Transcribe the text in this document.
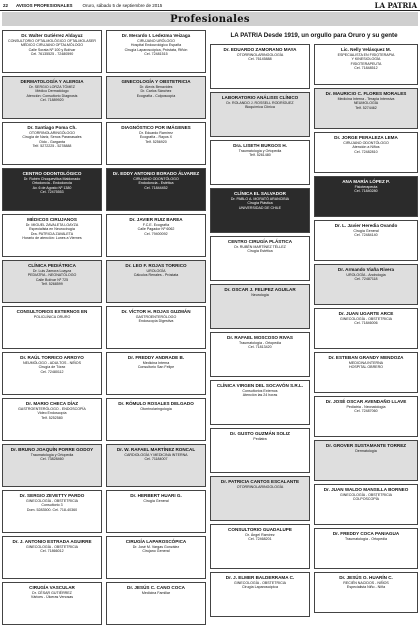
22 AVISOS PROFESIONALES Oruro, sábado 5 de septiembre de 2015	LA PATRIA
Profesionales
Dr. Walter Gutiérrez Aldayuz
CONSULTORIO OFTALMOLÓGICO OFTALMOLASER
MÉDICO CIRUJANO OFTALMÓLOGO
Calle Sorata Nº 100 y Bolívar
Cel. 76135525 - 72480590
DERMATOLOGÍA Y ALERGIA
Dr. SERGIO LORZA TÓMEZ
Médico Dermatólogo
Atención: Consultorio Diagnosis
Cel. 71889920
Dr. Santiago Poma Ch.
OTORRINOLARINGÓLOGO
Cirugía de Nariz, Senos Paranasales
Oído - Garganta
Telf. 5272225 - 5278888
CENTRO ODONTOLÓGICO
Dr. Rubén Choquevillca Maldonado
Ortodoncia - Endodoncia
Av. 6 de Agosto Nº 1380
Cel. 72475553
MÉDICOS CIRUJANOS
Dr. MIGUEL ZAVALETA LOAYZA
Especialista en Neurocirugía
Dra. PATRICIA ZAVALETA
Horario de atención: Lunes a Viernes
CLÍNICA PEDIÁTRICA
Dr. Luis Zamora Loayza
PEDIATRA - NEONATÓLOGO
Calle Bolívar Nº 725
Telf. 5268599
CONSULTORIOS EXTERNOS EN
POLICLÍNICA ORURO
Dr. RAÚL TORRICO ARROYO
NEUMÓLOGO - ADULTOS - NIÑOS
Cirugía de Tórax
Cel. 72480112
Dr. MARIO CHECA DÍAZ
GASTROENTERÓLOGO - ENDOSCOPÍA
Video Endoscopía
Telf. 5252580
Dr. BRUNO JOAQUÍN PORRE GODOY
Traumatología y Ortopedia
Cel. 73828460
Dr. SERGIO ZEVETTY PARDO
GINECOLOGÍA - OBSTETRICIA
Consultorio 3
Dom. 5283500. Cel. 718-40360
Dr. J. ANTONIO ESTRADA AGUIRRE
GINECOLOGÍA - OBSTETRICIA
Cel. 71866012
CIRUGÍA VASCULAR
Dr. CÉSAR GUTIÉRREZ
Várices - Úlceras Venosas
Dr. Merardo I. Ledezma Veizaga
CIRUJANO URÓLOGO
Hospital Endourológico España
Cirugía Laparoscópica, Próstata, Riñón
Cel. 72481515
GINECOLOGÍA Y OBSTETRICIA
Dr. Alexis Benavides
Dr. Carlos Sánchez
Ecografía - Colposcopía
DIAGNÓSTICO POR IMÁGENES
Dr. Eduardo Ramírez
Ecografía - Rayos X
Telf. 5256920
Dr. EDDY ANTONIO BORADO ÁLVAREZ
CIRUJANO ODONTÓLOGO
Endodoncia - Estética
Cel. 71844452
Dr. JAVIER RUIZ BAREA
F.C.E. Ecografía
Calle Pagador Nº 6062
Cel. 79400092
Dr. LEO F. ROJAS TORRICO
UROLOGÍA
Cálculos Renales - Próstata
Dr. VÍCTOR H. ROJAS GUZMÁN
GASTROENTERÓLOGO
Endoscopía Digestiva
Dr. FREDDY ANDRADE B.
Medicina Interna
Consultorio San Felipe
Dr. RÓMULO ROSALES DELGADO
Otorrinolaringología
Dr. W. RAFAEL MARTÍNEZ RONCAL
CARDIOLOGÍA Y MEDICINA INTERNA
Cel. 71184007
Dr. HERBERT HUARI G.
Cirugía General
CIRUGÍA LAPAROSCÓPICA
Dr. José M. Vargas González
Cirujano General
Dr. JESÚS C. CANO COCA
Medicina Familiar
Dr. EDUARDO ZAMORANO MAYA
OTORRINOLARINGOLOGÍA
Cel. 76145888
LABORATORIO ANÁLISIS CLÍNICO
Dr. ROLANDO J. ROSSELL RODRÍGUEZ
Bioquímica Clínica
Dra. LISETH BURGOS H.
Traumatología y Ortopedia
Telf. 5261480
CLÍNICA EL SALVADOR
Dr. PABLO A. MORATÓ ARANCIBIA
Cirugía Plástica
UNIVERSIDAD DE CHILE
CENTRO CIRUGÍA PLÁSTICA
Dr. RUBÉN MARTÍNEZ TÉLLEZ
Cirugía Estética
Dr. OSCAR J. FELIPEZ AGUILAR
Neurología
Dr. RAFAEL MOSCOSO RIVAS
Traumatología - Ortopedia
Cel. 71813420
CLÍNICA VIRGEN DEL SOCAVÓN S.R.L.
Consultorios Externos
Atención las 24 horas
Dr. GUSTO GUZMÁN SOLIZ
Pediatra
Dr. PATRICIA CANTOS ESCALANTE
OTORRINOLARINGOLOGÍA
CONSULTORIO GUADALUPE
Dr. Ángel Ramírez
Cel. 72468201
Dr. J. ELMER BALDERRAMA C.
GINECOLOGÍA - OBSTETRICIA
Cirugía Laparoscópica
Lic. Nelly Velásquez M.
ESPECIALISTA EN FISIOTERAPIA
Y KINESIOLOGÍA
FISIOTERAPEUTA
Cel. 71848512
Dr. MAURICIO C. FLORES MORALES
Medicina Interna - Terapia Intensiva
NEUMOLOGÍA
Telf. 5274462
Dr. JORGE PERALEZA LEMA
CIRUJANO ODONTÓLOGO
Atención a Niños
Cel. 72482810
ANA MARÍA LÓPEZ P.
Fisioterapeuta
Cel. 71840280
Dr. L. Javier Heredia Ovando
Cirugía General
Cel. 72484140
Dr. Armando Viaña Rivera
UROLOGÍA - Andrología
Cel. 72487118
Dr. JUAN UGARTE ARCE
GINECOLOGÍA - OBSTETRICIA
Cel. 71846006
Dr. ESTEBAN GRANDY MENDOZA
MEDICINA INTERNA
HOSPITAL OBRERO
Dr. JOSÉ OSCAR AVENDAÑO LLAVE
Pediatría - Neonatología
Cel. 72487060
Dr. GROVER SUSTAMANTE TORREZ
Dermatología
Dr. JUAN WALDO MANSILLA BORNEO
GINECOLOGÍA - OBSTETRICIA
COLPOSCOPÍA
Dr. FREDDY COCA PANIAGUA
Traumatología - Ortopedia
Dr. JESÚS O. HUARÍN C.
RECIÉN NACIDOS - NIÑOS
Especialista Niño - Niña
LA PATRIA Desde 1919, un orgullo para Oruro y su gente
